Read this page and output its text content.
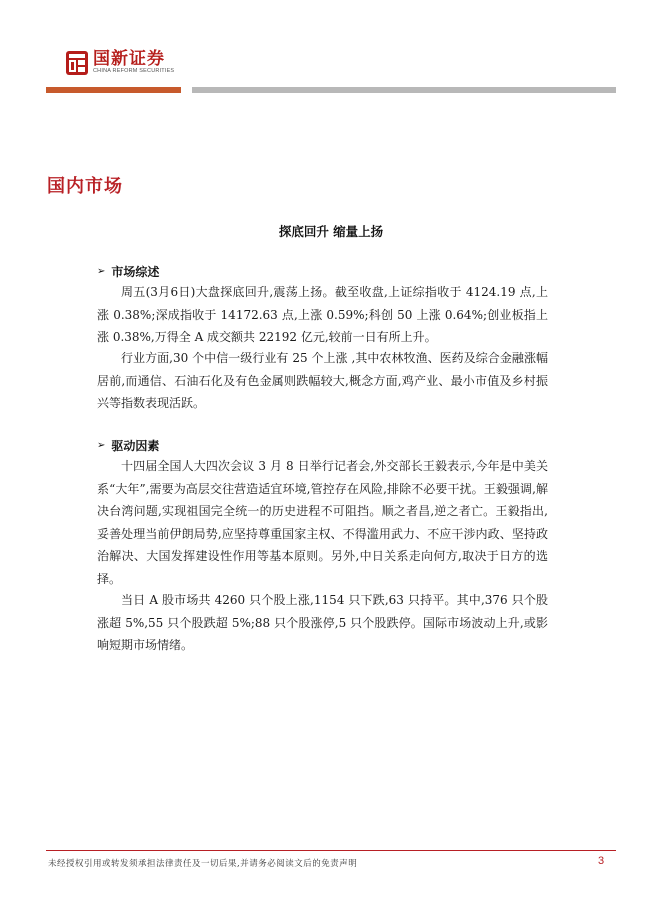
国新证券
CHINA REFORM SECURITIES
国内市场
探底回升 缩量上扬
➢ 市场综述

周五(3月6日)大盘探底回升,震荡上扬。截至收盘,上证综指收于 4124.19 点,上涨 0.38%;深成指收于 14172.63 点,上涨 0.59%;科创 50 上涨 0.64%;创业板指上涨 0.38%,万得全 A 成交额共 22192 亿元,较前一日有所上升。

行业方面,30 个中信一级行业有 25 个上涨 ,其中农林牧渔、医药及综合金融涨幅居前,而通信、石油石化及有色金属则跌幅较大,概念方面,鸡产业、最小市值及乡村振兴等指数表现活跃。

➢ 驱动因素

十四届全国人大四次会议 3 月 8 日举行记者会,外交部长王毅表示,今年是中美关系“大年”,需要为高层交往营造适宜环境,管控存在风险,排除不必要干扰。王毅强调,解决台湾问题,实现祖国完全统一的历史进程不可阻挡。顺之者昌,逆之者亡。王毅指出,妥善处理当前伊朗局势,应坚持尊重国家主权、不得滥用武力、不应干涉内政、坚持政治解决、大国发挥建设性作用等基本原则。另外,中日关系走向何方,取决于日方的选择。

当日 A 股市场共 4260 只个股上涨,1154 只下跌,63 只持平。其中,376 只个股涨超 5%,55 只个股跌超 5%;88 只个股涨停,5 只个股跌停。国际市场波动上升,或影响短期市场情绪。

未经授权引用或转发须承担法律责任及一切后果,并请务必阅读文后的免责声明	3
